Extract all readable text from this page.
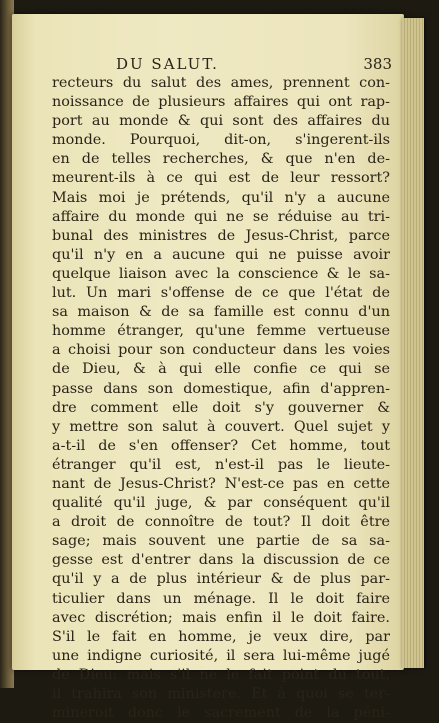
DU SALUT.	383
recteurs du salut des ames, prennent con-
noissance de plusieurs affaires qui ont rap-
port au monde & qui sont des affaires du
monde. Pourquoi, dit-on, s'ingerent-ils
en de telles recherches, & que n'en de-
meurent-ils à ce qui est de leur ressort?
Mais moi je prétends, qu'il n'y a aucune
affaire du monde qui ne se réduise au tri-
bunal des ministres de Jesus-Christ, parce
qu'il n'y en a aucune qui ne puisse avoir
quelque liaison avec la conscience & le sa-
lut. Un mari s'offense de ce que l'état de
sa maison & de sa famille est connu d'un
homme étranger, qu'une femme vertueuse
a choisi pour son conducteur dans les voies
de Dieu, & à qui elle confie ce qui se
passe dans son domestique, afin d'appren-
dre comment elle doit s'y gouverner &
y mettre son salut à couvert. Quel sujet y
a-t-il de s'en offenser? Cet homme, tout
étranger qu'il est, n'est-il pas le lieute-
nant de Jesus-Christ? N'est-ce pas en cette
qualité qu'il juge, & par conséquent qu'il
a droit de connoître de tout? Il doit être
sage; mais souvent une partie de sa sa-
gesse est d'entrer dans la discussion de ce
qu'il y a de plus intérieur & de plus par-
ticulier dans un ménage. Il le doit faire
avec discrétion; mais enfin il le doit faire.
S'il le fait en homme, je veux dire, par
une indigne curiosité, il sera lui-même jugé
de Dieu; mais s'il ne le fait point du tout,
il trahira son ministere. Et à quoi se ter-
mineroit donc le sacrement de la péni-
